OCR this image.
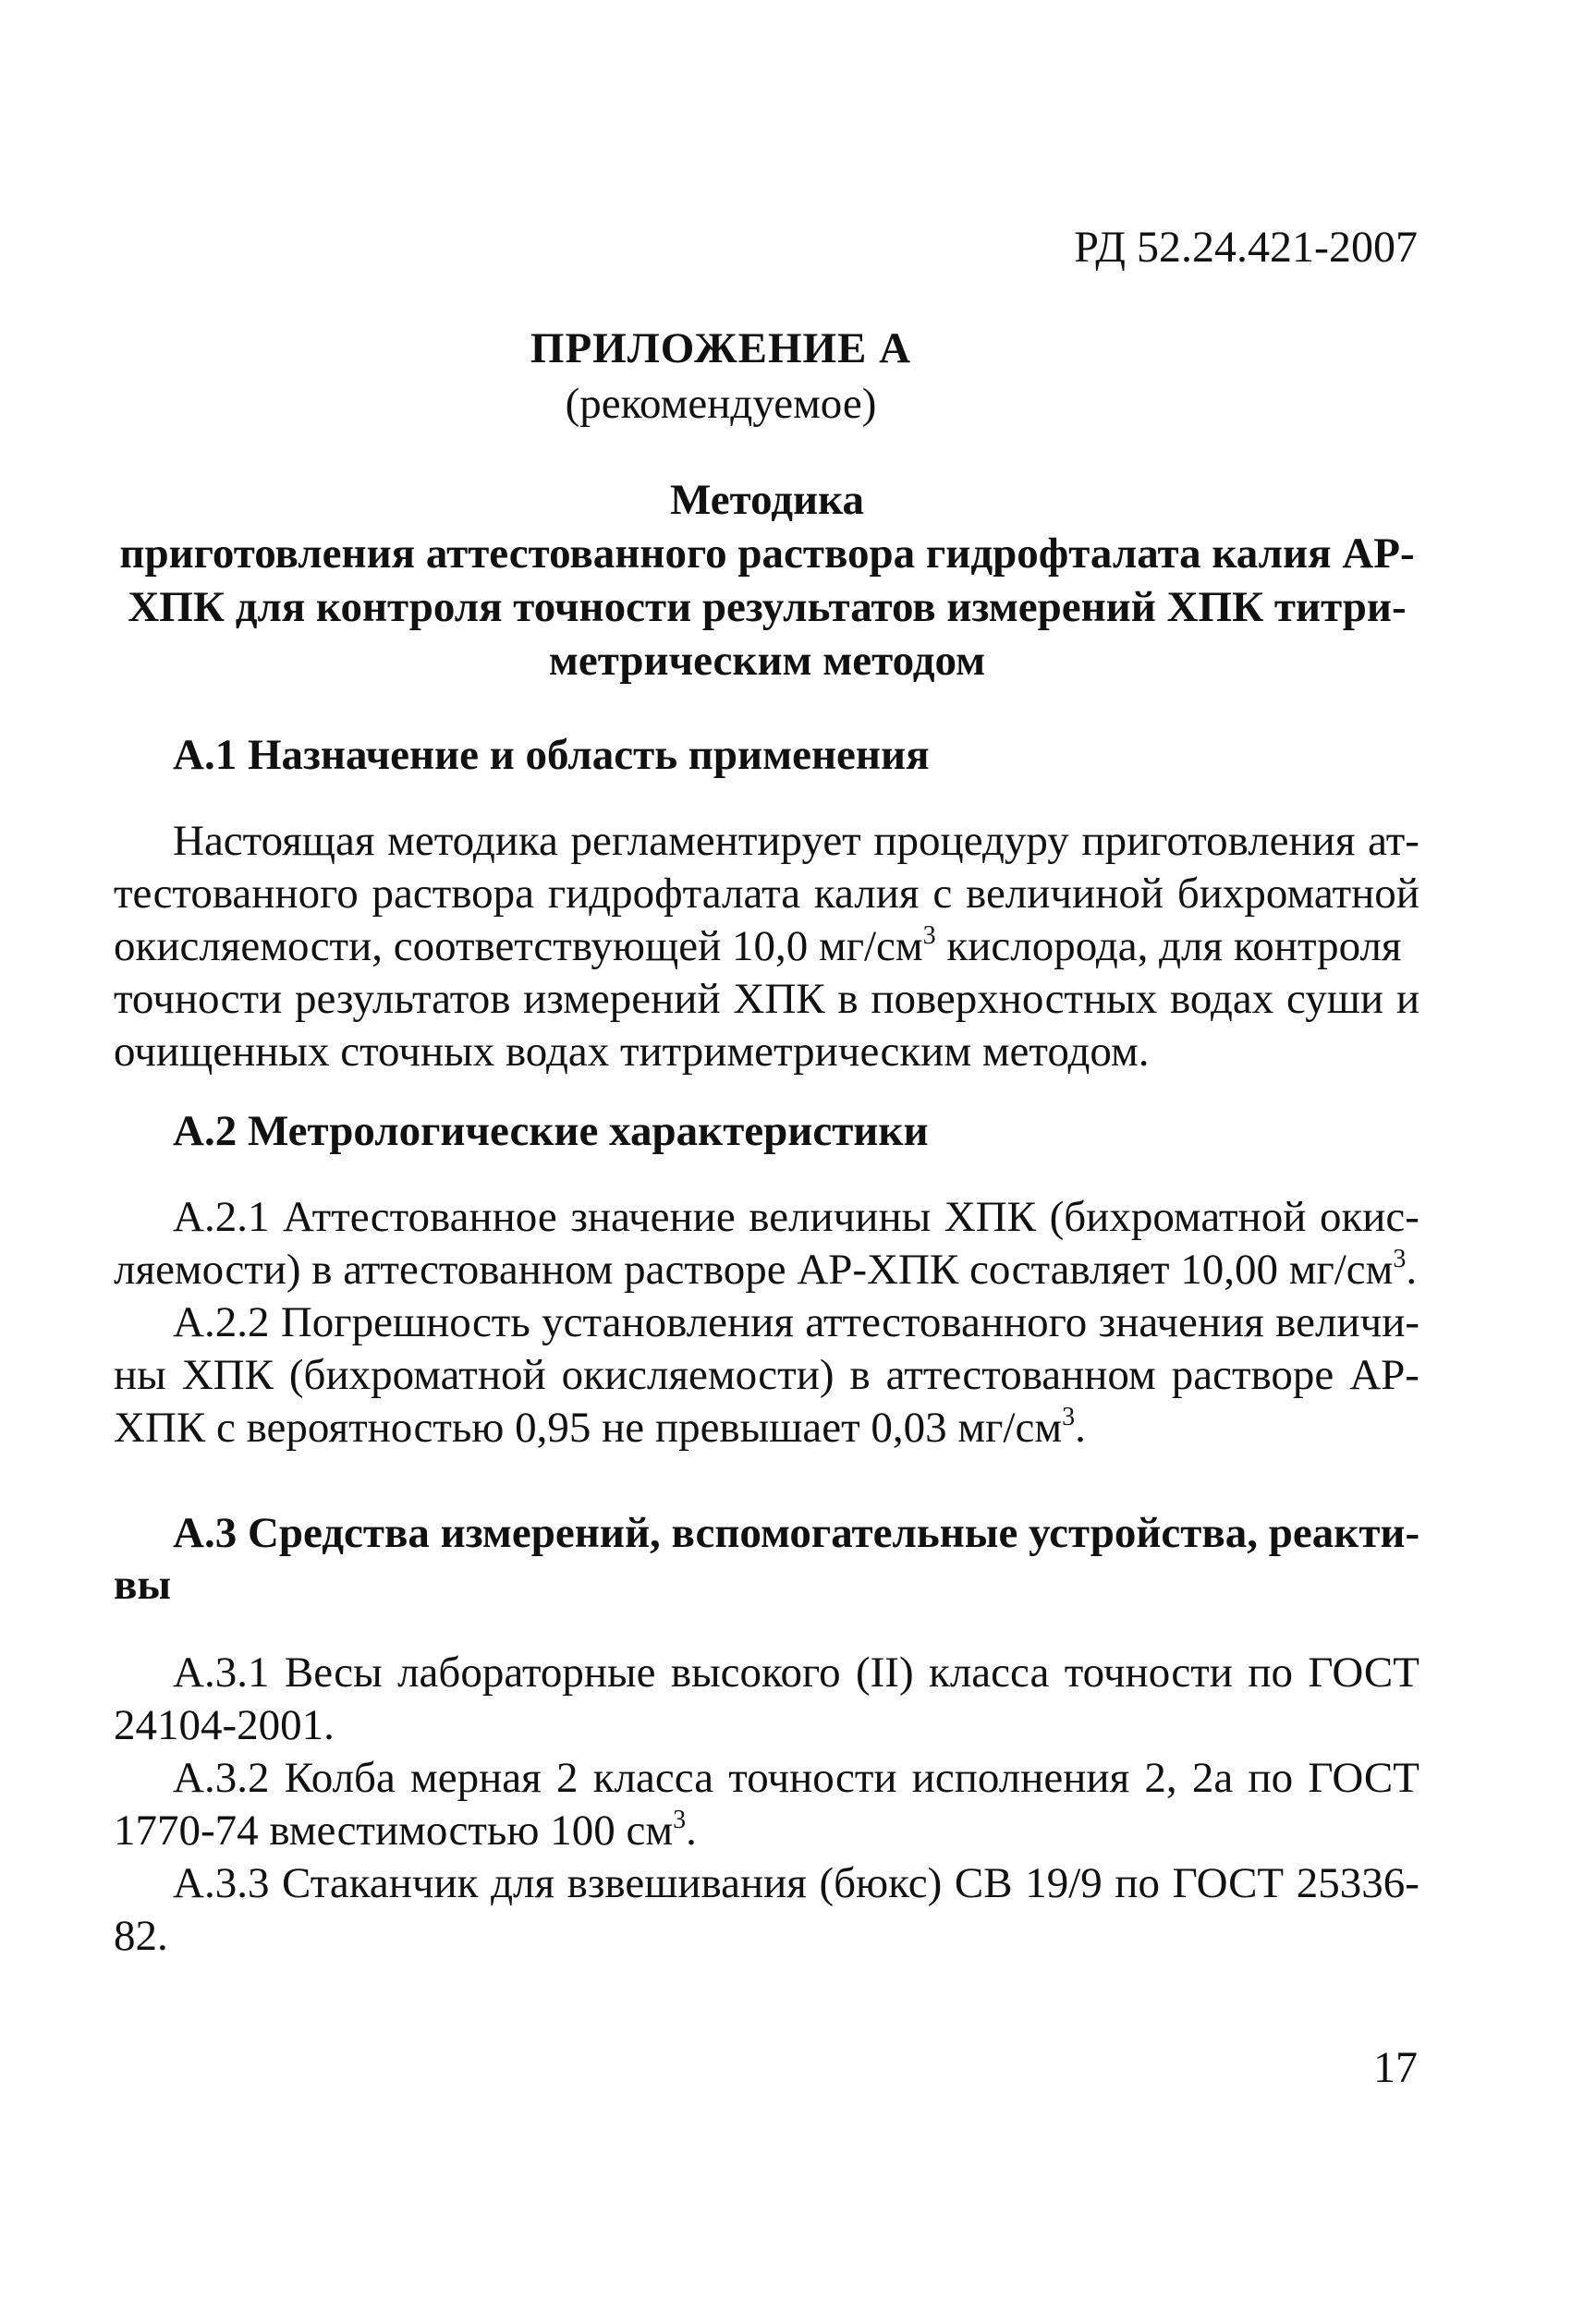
РД 52.24.421-2007
ПРИЛОЖЕНИЕ А
(рекомендуемое)
Методика
приготовления аттестованного раствора гидрофталата калия АР-
ХПК для контроля точности результатов измерений ХПК титри-
метрическим методом
А.1 Назначение и область применения
Настоящая методика регламентирует процедуру приготовления ат-
тестованного раствора гидрофталата калия с величиной бихроматной
окисляемости, соответствующей 10,0 $мг/см^3$ кислорода, для контроля
точности результатов измерений ХПК в поверхностных водах суши и
очищенных сточных водах титриметрическим методом.
А.2 Метрологические характеристики
А.2.1 Аттестованное значение величины ХПК (бихроматной окис-
ляемости) в аттестованном растворе АР-ХПК составляет 10,00 $мг/см^3$.
А.2.2 Погрешность установления аттестованного значения величи-
ны ХПК (бихроматной окисляемости) в аттестованном растворе АР-
ХПК с вероятностью 0,95 не превышает 0,03 $мг/см^3$.
А.3 Средства измерений, вспомогательные устройства, реакти-
вы
А.3.1 Весы лабораторные высокого (II) класса точности по ГОСТ
24104-2001.
А.3.2 Колба мерная 2 класса точности исполнения 2, 2а по ГОСТ
1770-74 вместимостью 100 $см^3$.
А.3.3 Стаканчик для взвешивания (бюкс) СВ 19/9 по ГОСТ 25336-
82.
17
